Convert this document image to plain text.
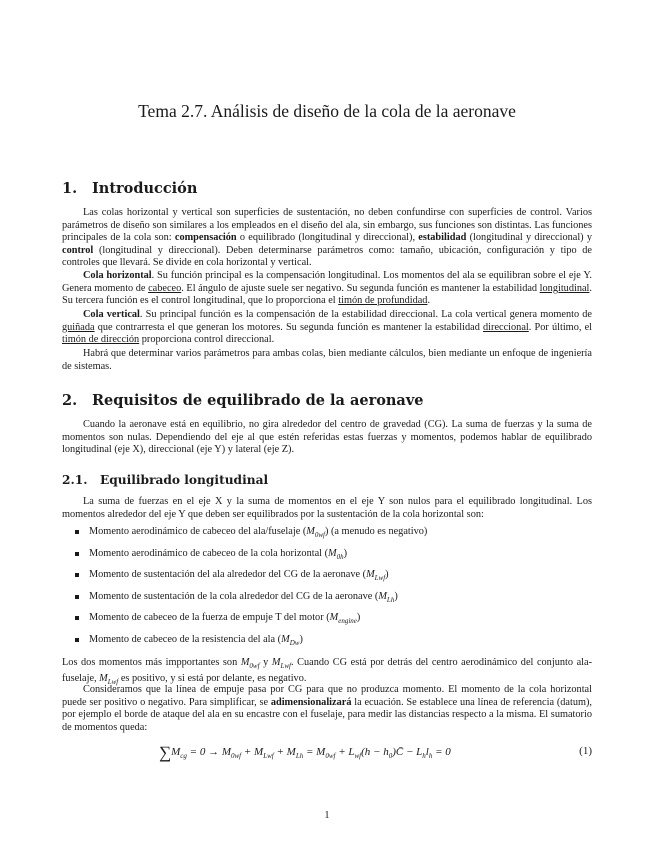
Tema 2.7. Análisis de diseño de la cola de la aeronave
1. Introducción

Las colas horizontal y vertical son superficies de sustentación, no deben confundirse con superficies de control. Varios parámetros de diseño son similares a los empleados en el diseño del ala, sin embargo, sus funciones son distintas. Las funciones principales de la cola son: compensación o equilibrado (longitudinal y direccional), estabilidad (longitudinal y direccional) y control (longitudinal y direccional). Deben determinarse parámetros como: tamaño, ubicación, configuración y tipo de controles que llevará. Se divide en cola horizontal y vertical.

Cola horizontal. Su función principal es la compensación longitudinal. Los momentos del ala se equilibran sobre el eje Y. Genera momento de cabeceo. El ángulo de ajuste suele ser negativo. Su segunda función es mantener la estabilidad longitudinal. Su tercera función es el control longitudinal, que lo proporciona el timón de profundidad.

Cola vertical. Su principal función es la compensación de la estabilidad direccional. La cola vertical genera momento de guiñada que contrarresta el que generan los motores. Su segunda función es mantener la estabilidad direccional. Por último, el timón de dirección proporciona control direccional.

Habrá que determinar varios parámetros para ambas colas, bien mediante cálculos, bien mediante un enfoque de ingeniería de sistemas.

2. Requisitos de equilibrado de la aeronave

Cuando la aeronave está en equilibrio, no gira alrededor del centro de gravedad (CG). La suma de fuerzas y la suma de momentos son nulas. Dependiendo del eje al que estén referidas estas fuerzas y momentos, podemos hablar de equilibrado longitudinal (eje X), direccional (eje Y) y lateral (eje Z).

2.1. Equilibrado longitudinal

La suma de fuerzas en el eje X y la suma de momentos en el eje Y son nulos para el equilibrado longitudinal. Los momentos alrededor del eje Y que deben ser equilibrados por la sustentación de la cola horizontal son:

Momento aerodinámico de cabeceo del ala/fuselaje $(M_{0wf})$ (a menudo es negativo)
Momento aerodinámico de cabeceo de la cola horizontal $(M_{0h})$
Momento de sustentación del ala alrededor del CG de la aeronave $(M_{Lwf})$
Momento de sustentación de la cola alrededor del CG de la aeronave $(M_{Lh})$
Momento de cabeceo de la fuerza de empuje T del motor $(M_{engine})$
Momento de cabeceo de la resistencia del ala $(M_{Dw})$

Los dos momentos más impportantes son $M_{0wf}$ y $M_{Lwf}$. Cuando CG está por detrás del centro aerodinámico del conjunto ala-fuselaje, $M_{Lwf}$ es positivo, y si está por delante, es negativo.

Consideramos que la línea de empuje pasa por CG para que no produzca momento. El momento de la cola horizontal puede ser positivo o negativo. Para simplificar, se adimensionalizará la ecuación. Se establece una línea de referencia (datum), por ejemplo el borde de ataque del ala en su encastre con el fuselaje, para medir las distancias respecto a la misma. El sumatorio de momentos queda:

$\sum M_{cg} = 0 \to M_{0wf} + M_{Lwf} + M_{Lh} = M_{0wf} + L_{wf}(h$ − $h_0)C̄ - L_hl_h = 0$	(1)
1
